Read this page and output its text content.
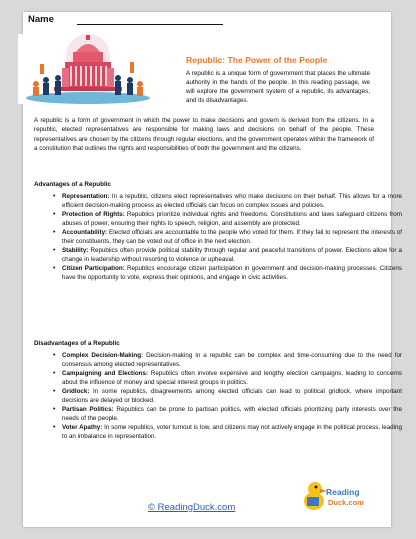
Name
Republic: The Power of the People
A republic is a unique form of government that places the ultimate authority in the hands of the people. In this reading passage, we will explore the government system of a republic, its advantages, and its disadvantages.
A republic is a form of government in which the power to make decisions and govern is derived from the citizens. In a republic, elected representatives are responsible for making laws and decisions on behalf of the people. These representatives are chosen by the citizens through regular elections, and the government operates within the framework of a constitution that outlines the rights and responsibilities of both the government and the citizens.
Advantages of a Republic
• Representation: In a republic, citizens elect representatives who make decisions on their behalf. This allows for a more efficient decision-making process as elected officials can focus on complex issues and policies.
• Protection of Rights: Republics prioritize individual rights and freedoms. Constitutions and laws safeguard citizens from abuses of power, ensuring their rights to speech, religion, and assembly are protected.
• Accountability: Elected officials are accountable to the people who voted for them. If they fail to represent the interests of their constituents, they can be voted out of office in the next election.
• Stability: Republics often provide political stability through regular and peaceful transitions of power. Elections allow for a change in leadership without resorting to violence or upheaval.
• Citizen Participation: Republics encourage citizen participation in government and decision-making processes. Citizens have the opportunity to vote, express their opinions, and engage in civic activities.
Disadvantages of a Republic
• Complex Decision-Making: Decision-making in a republic can be complex and time-consuming due to the need for consensus among elected representatives.
• Campaigning and Elections: Republics often involve expensive and lengthy election campaigns, leading to concerns about the influence of money and special interest groups in politics.
• Gridlock: In some republics, disagreements among elected officials can lead to political gridlock, where important decisions are delayed or blocked.
• Partisan Politics: Republics can be prone to partisan politics, with elected officials prioritizing party interests over the needs of the people.
• Voter Apathy: In some republics, voter turnout is low, and citizens may not actively engage in the political process, leading to an imbalance in representation.
© ReadingDuck.com
Reading
Duck.com
